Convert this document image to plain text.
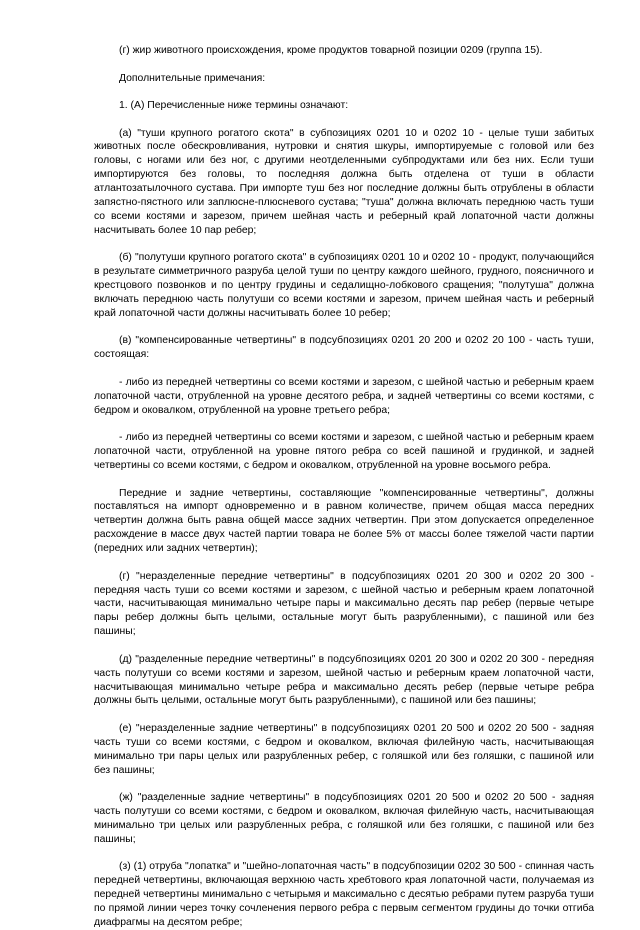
(г) жир животного происхождения, кроме продуктов товарной позиции 0209 (группа 15).

Дополнительные примечания:

1. (А) Перечисленные ниже термины означают:

(а) "туши крупного рогатого скота" в субпозициях 0201 10 и 0202 10 - целые туши забитых животных после обескровливания, нутровки и снятия шкуры, импортируемые с головой или без головы, с ногами или без ног, с другими неотделенными субпродуктами или без них. Если туши импортируются без головы, то последняя должна быть отделена от туши в области атлантозатылочного сустава. При импорте туш без ног последние должны быть отрублены в области запястно-пястного или заплюсне-плюсневого сустава; "туша" должна включать переднюю часть туши со всеми костями и зарезом, причем шейная часть и реберный край лопаточной части должны насчитывать более 10 пар ребер;

(б) "полутуши крупного рогатого скота" в субпозициях 0201 10 и 0202 10 - продукт, получающийся в результате симметричного разруба целой туши по центру каждого шейного, грудного, поясничного и крестцового позвонков и по центру грудины и седалищно-лобкового сращения; "полутуша" должна включать переднюю часть полутуши со всеми костями и зарезом, причем шейная часть и реберный край лопаточной части должны насчитывать более 10 ребер;

(в) "компенсированные четвертины" в подсубпозициях 0201 20 200 и 0202 20 100 - часть туши, состоящая:

- либо из передней четвертины со всеми костями и зарезом, с шейной частью и реберным краем лопаточной части, отрубленной на уровне десятого ребра, и задней четвертины со всеми костями, с бедром и оковалком, отрубленной на уровне третьего ребра;

- либо из передней четвертины со всеми костями и зарезом, с шейной частью и реберным краем лопаточной части, отрубленной на уровне пятого ребра со всей пашиной и грудинкой, и задней четвертины со всеми костями, с бедром и оковалком, отрубленной на уровне восьмого ребра.

Передние и задние четвертины, составляющие "компенсированные четвертины", должны поставляться на импорт одновременно и в равном количестве, причем общая масса передних четвертин должна быть равна общей массе задних четвертин. При этом допускается определенное расхождение в массе двух частей партии товара не более 5% от массы более тяжелой части партии (передних или задних четвертин);

(г) "неразделенные передние четвертины" в подсубпозициях 0201 20 300 и 0202 20 300 - передняя часть туши со всеми костями и зарезом, с шейной частью и реберным краем лопаточной части, насчитывающая минимально четыре пары и максимально десять пар ребер (первые четыре пары ребер должны быть целыми, остальные могут быть разрубленными), с пашиной или без пашины;

(д) "разделенные передние четвертины" в подсубпозициях 0201 20 300 и 0202 20 300 - передняя часть полутуши со всеми костями и зарезом, шейной частью и реберным краем лопаточной части, насчитывающая минимально четыре ребра и максимально десять ребер (первые четыре ребра должны быть целыми, остальные могут быть разрубленными), с пашиной или без пашины;

(е) "неразделенные задние четвертины" в подсубпозициях 0201 20 500 и 0202 20 500 - задняя часть туши со всеми костями, с бедром и оковалком, включая филейную часть, насчитывающая минимально три пары целых или разрубленных ребер, с голяшкой или без голяшки, с пашиной или без пашины;

(ж) "разделенные задние четвертины" в подсубпозициях 0201 20 500 и 0202 20 500 - задняя часть полутуши со всеми костями, с бедром и оковалком, включая филейную часть, насчитывающая минимально три целых или разрубленных ребра, с голяшкой или без голяшки, с пашиной или без пашины;

(з) (1) отруба "лопатка" и "шейно-лопаточная часть" в подсубпозиции 0202 30 500 - спинная часть передней четвертины, включающая верхнюю часть хребтового края лопаточной части, получаемая из передней четвертины минимально с четырьмя и максимально с десятью ребрами путем разруба туши по прямой линии через точку сочленения первого ребра с первым сегментом грудины до точки отгиба диафрагмы на десятом ребре;
